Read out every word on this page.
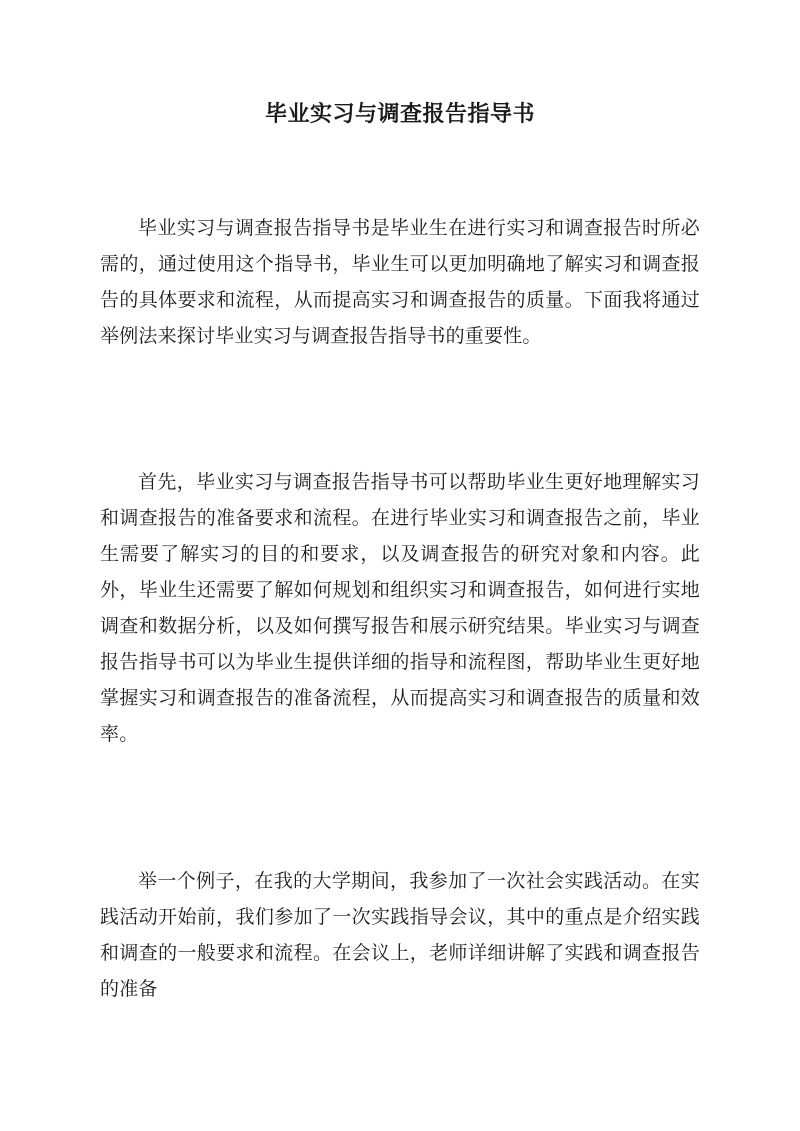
毕业实习与调查报告指导书

毕业实习与调查报告指导书是毕业生在进行实习和调查报告时所必需的，通过使用这个指导书，毕业生可以更加明确地了解实习和调查报告的具体要求和流程，从而提高实习和调查报告的质量。下面我将通过举例法来探讨毕业实习与调查报告指导书的重要性。

首先，毕业实习与调查报告指导书可以帮助毕业生更好地理解实习和调查报告的准备要求和流程。在进行毕业实习和调查报告之前，毕业生需要了解实习的目的和要求，以及调查报告的研究对象和内容。此外，毕业生还需要了解如何规划和组织实习和调查报告，如何进行实地调查和数据分析，以及如何撰写报告和展示研究结果。毕业实习与调查报告指导书可以为毕业生提供详细的指导和流程图，帮助毕业生更好地掌握实习和调查报告的准备流程，从而提高实习和调查报告的质量和效率。

举一个例子，在我的大学期间，我参加了一次社会实践活动。在实践活动开始前，我们参加了一次实践指导会议，其中的重点是介绍实践和调查的一般要求和流程。在会议上，老师详细讲解了实践和调查报告的准备
